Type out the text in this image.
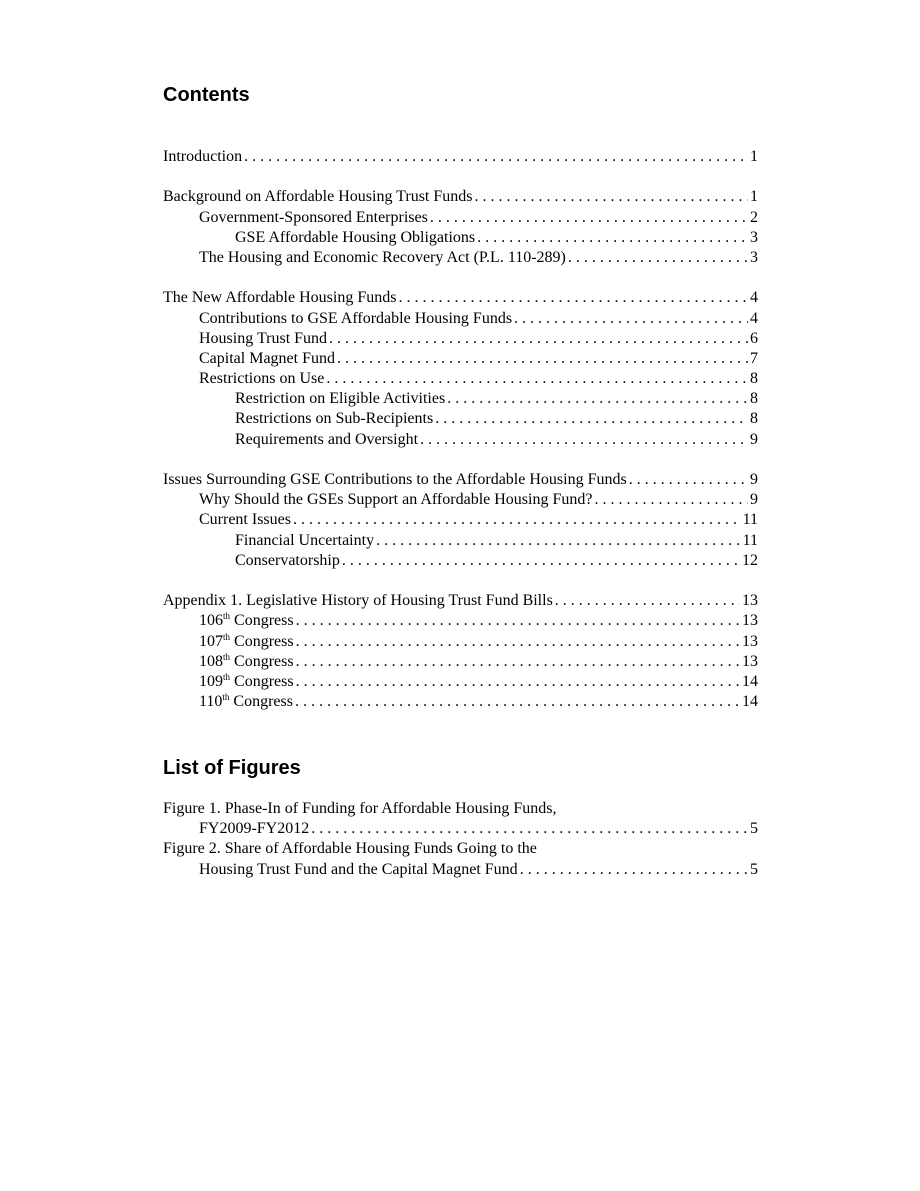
Contents
Introduction . . .	1
Background on Affordable Housing Trust Funds . . .	1
Government-Sponsored Enterprises . . .	2
GSE Affordable Housing Obligations . . .	3
The Housing and Economic Recovery Act (P.L. 110-289) . . .	3
The New Affordable Housing Funds . . .	4
Contributions to GSE Affordable Housing Funds . . .	4
Housing Trust Fund . . .	6
Capital Magnet Fund . . .	7
Restrictions on Use . . .	8
Restriction on Eligible Activities . . .	8
Restrictions on Sub-Recipients . . .	8
Requirements and Oversight . . .	9
Issues Surrounding GSE Contributions to the Affordable Housing Funds . . .	9
Why Should the GSEs Support an Affordable Housing Fund? . . .	9
Current Issues . . .	11
Financial Uncertainty . . .	11
Conservatorship . . .	12
Appendix 1. Legislative History of Housing Trust Fund Bills . . .	13
106th Congress . . .	13
107th Congress . . .	13
108th Congress . . .	13
109th Congress . . .	14
110th Congress . . .	14
List of Figures
Figure 1. Phase-In of Funding for Affordable Housing Funds,
FY2009-FY2012 . . .	5
Figure 2. Share of Affordable Housing Funds Going to the
Housing Trust Fund and the Capital Magnet Fund . . .	5
